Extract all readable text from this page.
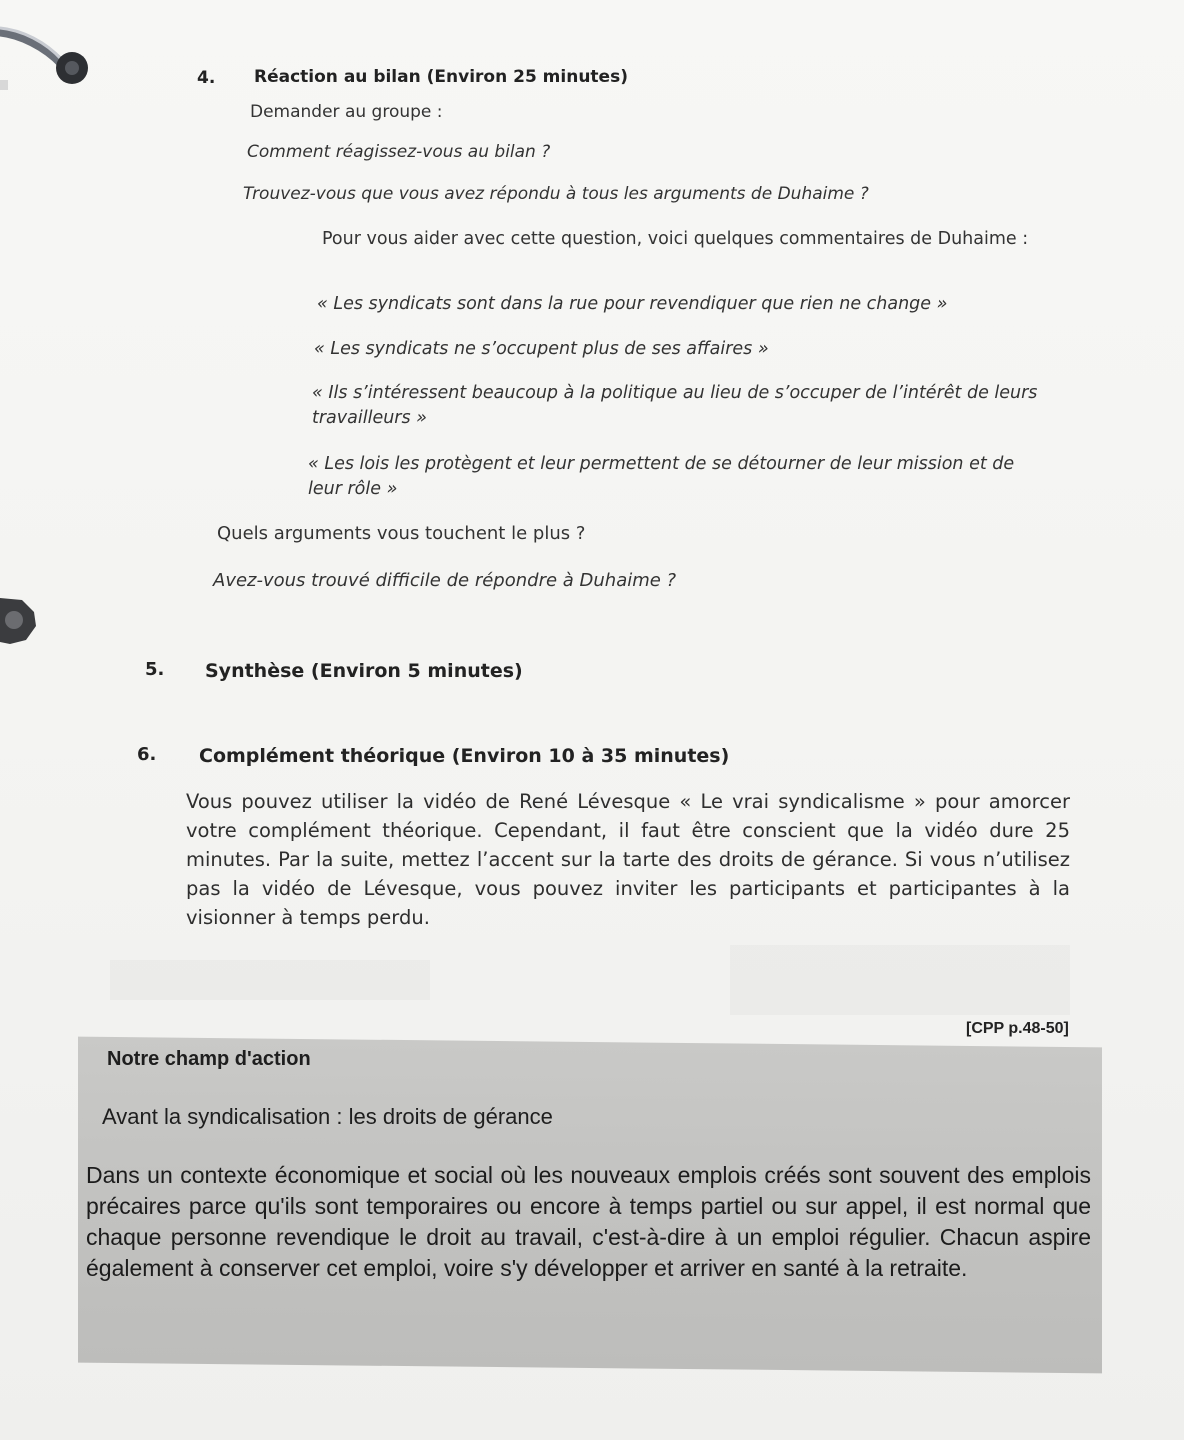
4. Réaction au bilan (Environ 25 minutes)
Demander au groupe :
Comment réagissez-vous au bilan ?
Trouvez-vous que vous avez répondu à tous les arguments de Duhaime ?
Pour vous aider avec cette question, voici quelques commentaires de Duhaime :
« Les syndicats sont dans la rue pour revendiquer que rien ne change »
« Les syndicats ne s’occupent plus de ses affaires »
« Ils s’intéressent beaucoup à la politique au lieu de s’occuper de l’intérêt de leurs travailleurs »
« Les lois les protègent et leur permettent de se détourner de leur mission et de leur rôle »
Quels arguments vous touchent le plus ?
Avez-vous trouvé difficile de répondre à Duhaime ?
5. Synthèse (Environ 5 minutes)
6. Complément théorique (Environ 10 à 35 minutes)
Vous pouvez utiliser la vidéo de René Lévesque « Le vrai syndicalisme » pour amorcer votre complément théorique. Cependant, il faut être conscient que la vidéo dure 25 minutes. Par la suite, mettez l’accent sur la tarte des droits de gérance. Si vous n’utilisez pas la vidéo de Lévesque, vous pouvez inviter les participants et participantes à la visionner à temps perdu.
[CPP p.48-50]
Notre champ d'action
Avant la syndicalisation : les droits de gérance
Dans un contexte économique et social où les nouveaux emplois créés sont souvent des emplois précaires parce qu'ils sont temporaires ou encore à temps partiel ou sur appel, il est normal que chaque personne revendique le droit au travail, c'est-à-dire à un emploi régulier. Chacun aspire également à conserver cet emploi, voire s'y développer et arriver en santé à la retraite.
